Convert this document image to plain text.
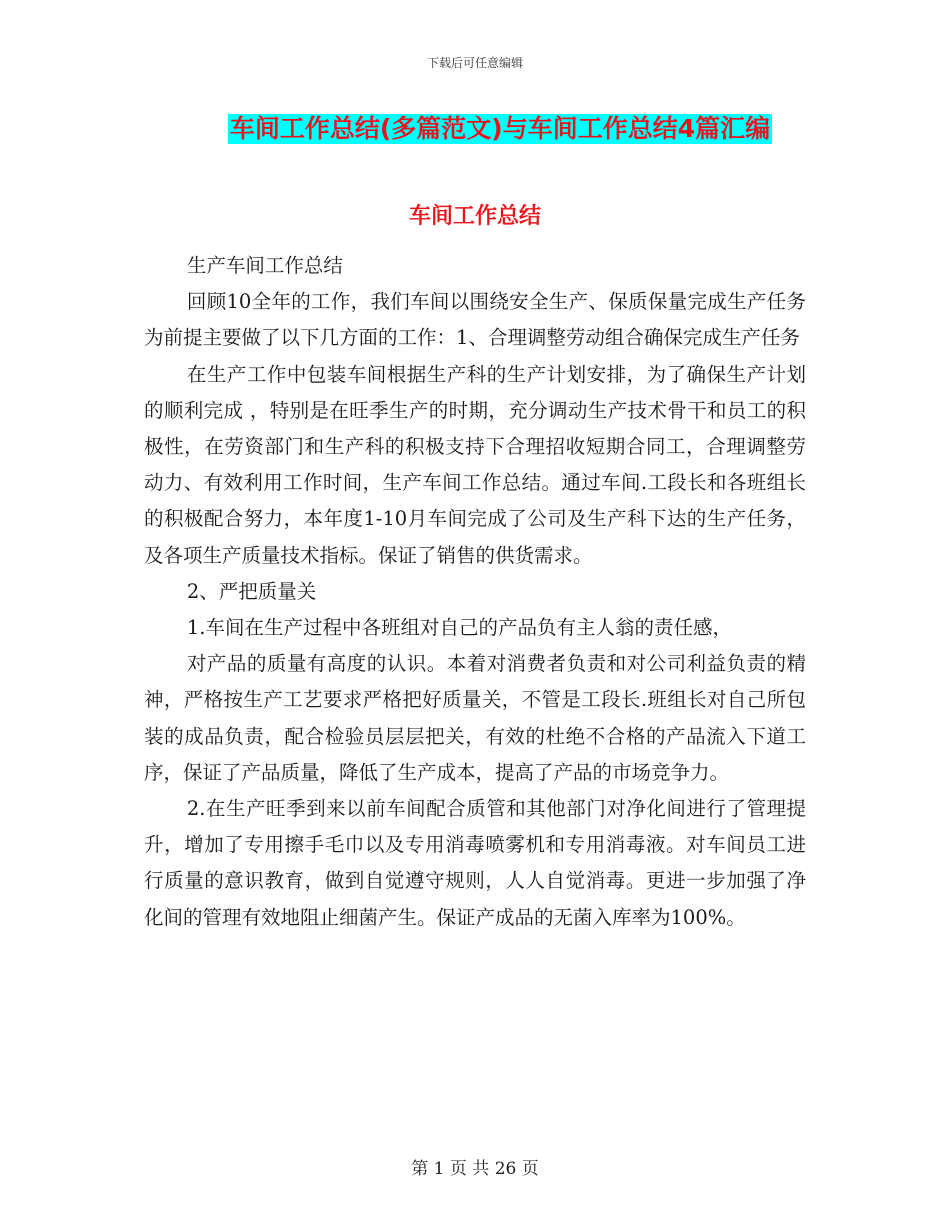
下载后可任意编辑
车间工作总结(多篇范文)与车间工作总结4篇汇编
车间工作总结

生产车间工作总结

回顾10全年的工作，我们车间以围绕安全生产、保质保量完成生产任务为前提主要做了以下几方面的工作：1、合理调整劳动组合确保完成生产任务

在生产工作中包装车间根据生产科的生产计划安排，为了确保生产计划的顺利完成 ，特别是在旺季生产的时期，充分调动生产技术骨干和员工的积极性，在劳资部门和生产科的积极支持下合理招收短期合同工，合理调整劳动力、有效利用工作时间，生产车间工作总结。通过车间.工段长和各班组长的积极配合努力，本年度1-10月车间完成了公司及生产科下达的生产任务，及各项生产质量技术指标。保证了销售的供货需求。

2、严把质量关

1.车间在生产过程中各班组对自己的产品负有主人翁的责任感，

对产品的质量有高度的认识。本着对消费者负责和对公司利益负责的精神，严格按生产工艺要求严格把好质量关，不管是工段长.班组长对自己所包装的成品负责，配合检验员层层把关，有效的杜绝不合格的产品流入下道工序，保证了产品质量，降低了生产成本，提高了产品的市场竞争力。

2.在生产旺季到来以前车间配合质管和其他部门对净化间进行了管理提升，增加了专用擦手毛巾以及专用消毒喷雾机和专用消毒液。对车间员工进行质量的意识教育，做到自觉遵守规则，人人自觉消毒。更进一步加强了净化间的管理有效地阻止细菌产生。保证产成品的无菌入库率为100%。

第 1 页 共 26 页
